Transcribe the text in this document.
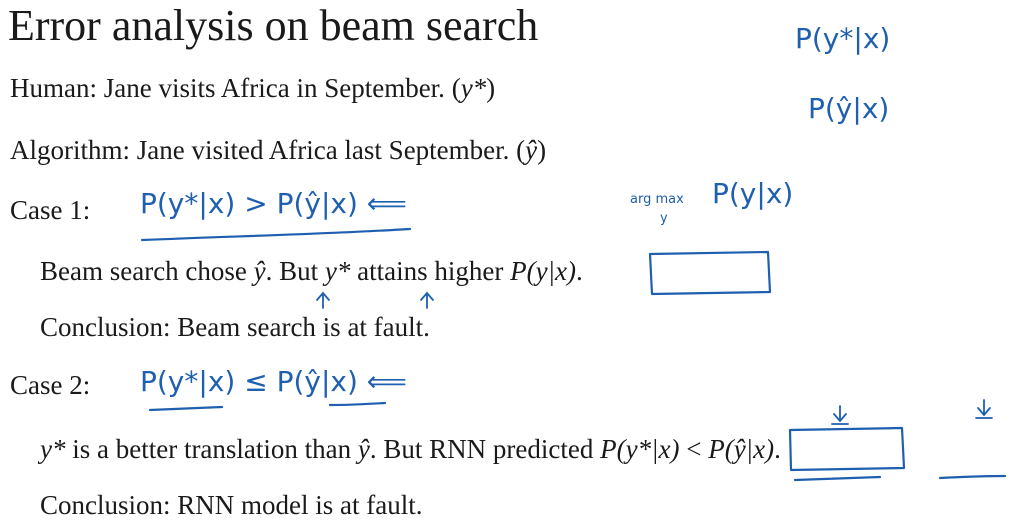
Error analysis on beam search
Human: Jane visits Africa in September. (y*)
Algorithm: Jane visited Africa last September. (ŷ)
Case 1:
Beam search chose ŷ. But y* attains higher P(y|x).
Conclusion: Beam search is at fault.
Case 2:
y* is a better translation than ŷ. But RNN predicted P(y*|x) < P(ŷ|x).
Conclusion: RNN model is at fault.
P(y*|x)
P(ŷ|x)
P(y*|x) > P(ŷ|x) ⟸	arg max
y
P(y|x)
P(y*|x) ≤ P(ŷ|x) ⟸
